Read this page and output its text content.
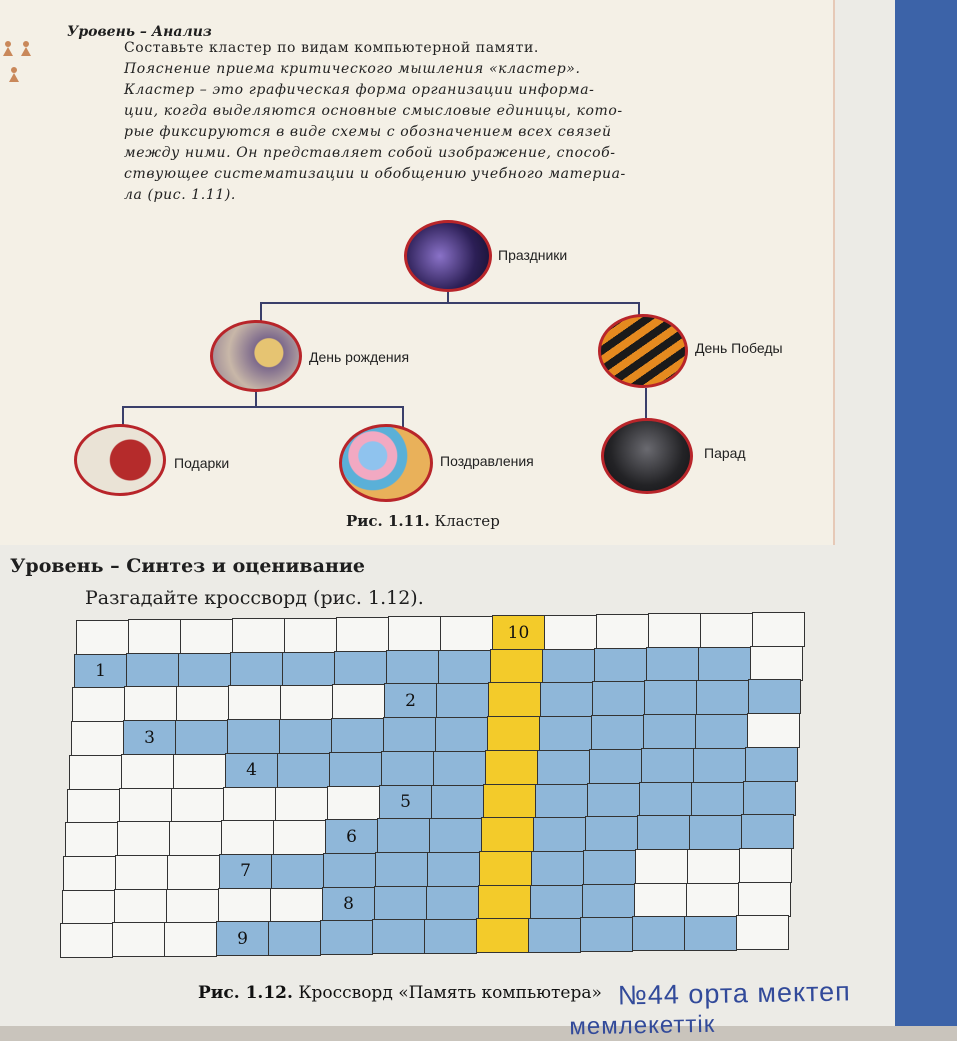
Уровень – Анализ
Составьте кластер по видам компьютерной памяти.
Пояснение приема критического мышления «кластер».
Кластер – это графическая форма организации информа-
ции, когда выделяются основные смысловые единицы, кото-
рые фиксируются в виде схемы с обозначением всех связей
между ними. Он представляет собой изображение, способ-
ствующее систематизации и обобщению учебного материа-
ла (рис. 1.11).
Праздники
День рождения
День Победы
Подарки	Поздравления	Парад
Рис. 1.11. Кластер
Уровень – Синтез и оценивание
Разгадайте кроссворд (рис. 1.12).
10
1
2
3
4
5
6
7
8
9
Рис. 1.12. Кроссворд «Память компьютера» №44 орта мектеп
мемлекеттік
